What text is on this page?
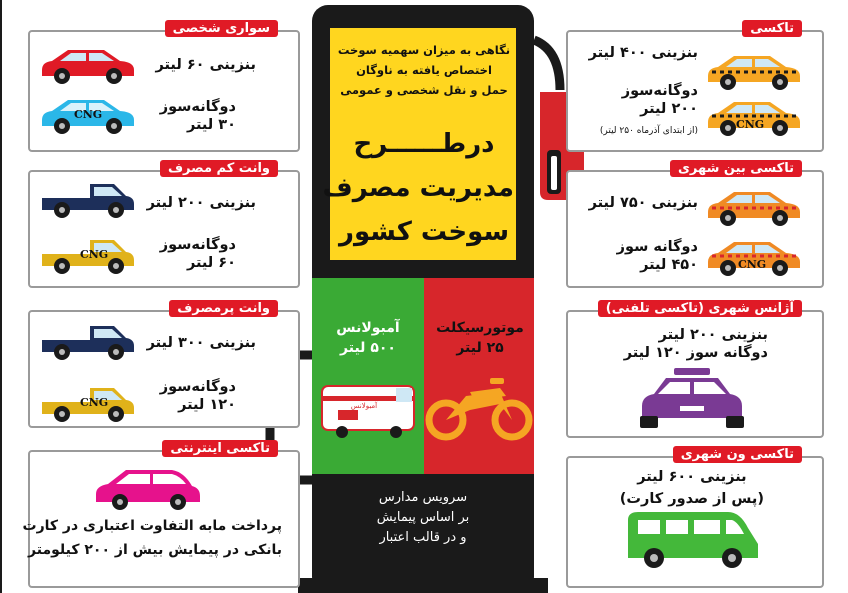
نگاهی به میزان سهمیه سوخت
اختصاص یافته به ناوگان
حمل و نقل شخصی و عمومی
درطــــــرح
مدیریت مصرف
سوخت کشور
آمبولانس
۵۰۰ لیتر
آمبولانس
موتورسیکلت
۲۵ لیتر
سرویس مدارس
بر اساس پیمایش
و در قالب اعتبار
سواری شخصی
CNG
بنزینی ۶۰ لیتر
دوگانه‌سوز
۳۰ لیتر
وانت کم مصرف
CNG
بنزینی ۲۰۰ لیتر
دوگانه‌سوز
۶۰ لیتر
وانت پرمصرف
CNG
بنزینی ۳۰۰ لیتر
دوگانه‌سوز
۱۲۰ لیتر
تاکسی اینترنتی
پرداخت مابه التفاوت اعتباری در کارت
بانکی در پیمایش بیش از ۲۰۰ کیلومتر
تاکسی
CNG
بنزینی ۴۰۰ لیتر
دوگانه‌سوز
۲۰۰ لیتر
(از ابتدای آذرماه ۲۵۰ لیتر)
تاکسی بین شهری
CNG
بنزینی ۷۵۰ لیتر
دوگانه سوز
۴۵۰ لیتر
آژانس شهری (تاکسی تلفنی)
بنزینی ۲۰۰ لیتر
دوگانه سوز ۱۲۰ لیتر
تاکسی ون شهری
بنزینی ۶۰۰ لیتر
(پس از صدور کارت)
